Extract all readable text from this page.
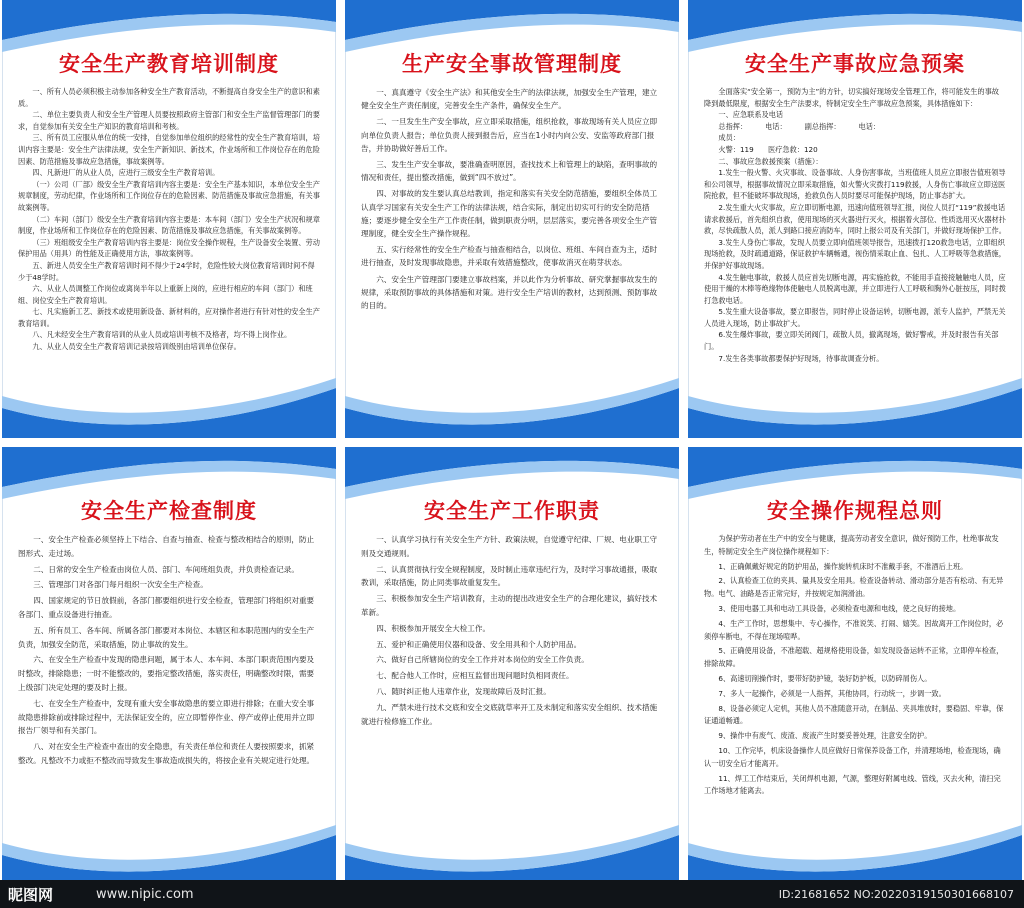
安全生产教育培训制度

一、所有人员必须积极主动参加各种安全生产教育活动，不断提高自身安全生产的意识和素质。

二、单位主要负责人和安全生产管理人员要按照政府主管部门和安全生产监督管理部门的要求，自觉参加有关安全生产知识的教育培训和考核。

三、所有员工应服从单位的统一安排，自觉参加单位组织的经常性的安全生产教育培训，培训内容主要是：安全生产法律法规，安全生产新知识、新技术，作业场所和工作岗位存在的危险因素、防范措施及事故应急措施，事故案例等。

四、凡新进厂的从业人员，应进行三级安全生产教育培训。

（一）公司（厂部）级安全生产教育培训内容主要是：安全生产基本知识，本单位安全生产规章制度，劳动纪律，作业场所和工作岗位存在的危险因素、防范措施及事故应急措施，有关事故案例等。

（二）车间（部门）级安全生产教育培训内容主要是：本车间（部门）安全生产状况和规章制度，作业场所和工作岗位存在的危险因素、防范措施及事故应急措施，有关事故案例等。

（三）班组级安全生产教育培训内容主要是：岗位安全操作规程，生产设备安全装置、劳动保护用品（用具）的性能及正确使用方法，事故案例等。

五、新进人员安全生产教育培训时间不得少于24学时，危险性较大岗位教育培训时间不得少于48学时。

六、从业人员调整工作岗位或离岗半年以上重新上岗的，应进行相应的车间（部门）和班组、岗位安全生产教育培训。

七、凡实施新工艺、新技术或使用新设备、新材料的，应对操作者进行有针对性的安全生产教育培训。

八、凡未经安全生产教育培训的从业人员或培训考核不及格者，均不得上岗作业。

九、从业人员安全生产教育培训记录按培训级别由培训单位保存。

生产安全事故管理制度

一、真真遵守《安全生产法》和其他安全生产的法律法规，加强安全生产管理，建立健全安全生产责任制度，完善安全生产条件，确保安全生产。

二、一旦发生生产安全事故，应立即采取措施，组织抢救，事故现场有关人员应立即向单位负责人报告；单位负责人接到报告后，应当在1小时内向公安、安监等政府部门报告，并协助做好善后工作。

三、发生生产安全事故，要准确查明原因，查找技术上和管理上的缺陷，查明事故的情况和责任，提出整改措施，做到“四不放过”。

四、对事故的发生要认真总结教训，指定和落实有关安全防范措施，要组织全体员工认真学习国家有关安全生产工作的法律法规，结合实际，制定出切实可行的安全防范措施；要逐步健全安全生产工作责任制，做到职责分明，层层落实，要完善各项安全生产管理制度，健全安全生产操作规程。

五、实行经常性的安全生产检查与抽查相结合，以岗位、班组、车间自查为主，适时进行抽查，及时发现事故隐患，并采取有效措施整改，使事故消灭在萌芽状态。

六、安全生产管理部门要建立事故档案，并以此作为分析事故、研究掌握事故发生的规律，采取预防事故的具体措施和对策。进行安全生产培训的教材，达到预测、预防事故的目的。

安全生产事故应急预案

全面落实“安全第一，预防为主”的方针，切实搞好现场安全管理工作，将可能发生的事故降到最低限度，根据安全生产法要求，特制定安全生产事故应急预案，具体措施如下：

一、应急联系及电话

总指挥：　　　电话：　　　副总指挥：　　　电话：

成员：

火警：119　　医疗急救：120

二、事故应急救援预案（措施）：

1.发生一般火警、火灾事故、设备事故、人身伤害事故，当班值班人员应立即报告值班领导和公司领导，根据事故情况立即采取措施，如火警火灾拨打119救援，人身伤亡事故应立即送医院抢救，但不能破坏事故现场，抢救负伤人员时要尽可能保护现场，防止事态扩大。

2.发生重大火灾事故，应立即切断电源，迅速向值班领导汇报，岗位人员打“119”救援电话请求救援后，首先组织自救，使用现场的灭火器进行灭火，根据着火部位、性质选用灭火器材扑救，尽快疏散人员，派人到路口接应消防车，同时上报公司及有关部门，并做好现场保护工作。

3.发生人身伤亡事故，发现人员要立即向值班领导报告，迅速拨打120救急电话，立即组织现场抢救，及时疏通道路，保证救护车辆畅通，视伤情采取止血、包扎、人工呼吸等急救措施，并保护好事故现场。

4.发生触电事故，救援人员应首先切断电源，再实施抢救，不能用手直接接触触电人员，应使用干燥的木棒等绝缘物体使触电人员脱离电源，并立即进行人工呼吸和胸外心脏按压，同时拨打急救电话。

5.发生重大设备事故，要立即报告，同时停止设备运转，切断电源，派专人监护，严禁无关人员进入现场，防止事故扩大。

6.发生爆炸事故，要立即关闭阀门，疏散人员，撤离现场，做好警戒，并及时报告有关部门。

7.发生各类事故都要保护好现场，待事故调查分析。

安全生产检查制度

一、安全生产检查必须坚持上下结合、自查与抽查、检查与整改相结合的原则，防止图形式、走过场。

二、日常的安全生产检查由岗位人员、部门、车间班组负责，并负责检查记录。

三、管理部门对各部门每月组织一次安全生产检查。

四、国家规定的节日放假前，各部门都要组织进行安全检查，管理部门将组织对重要各部门、重点设备进行抽查。

五、所有员工、各车间、所属各部门都要对本岗位、本辖区和本职范围内的安全生产负责，加强安全防范，采取措施，防止事故的发生。

六、在安全生产检查中发现的隐患问题，属于本人、本车间、本部门职责范围内要及时整改，排除隐患；一时不能整改的，要指定整改措施，落实责任，明确整改时限，需要上级部门决定处理的要及时上报。

七、在安全生产检查中，发现有重大安全事故隐患的要立即进行排除；在重大安全事故隐患排除前或排除过程中，无法保证安全的，应立即暂停作业、停产或停止使用并立即报告厂领导和有关部门。

八、对在安全生产检查中查出的安全隐患，有关责任单位和责任人要按照要求，抓紧整改。凡整改不力或拒不整改而导致发生事故造成损失的，将按企业有关规定进行处理。

安全生产工作职责

一、认真学习执行有关安全生产方针、政策法规，自觉遵守纪律、厂规、电业职工守则及交通规则。

二、认真贯彻执行安全规程制度，及时制止违章违纪行为，及时学习事故通报，吸取教训，采取措施，防止同类事故重复发生。

三、积极参加安全生产培训教育，主动的提出改进安全生产的合理化建议，搞好技术革新。

四、积极参加开展安全大检工作。

五、爱护和正确使用仪器和设备、安全用具和个人防护用品。

六、做好自己所辖岗位的安全工作并对本岗位的安全工作负责。

七、配合他人工作时，应相互监督出现问题时负相同责任。

八、随时纠正他人违章作业，发现故障后及时汇报。

九、严禁未进行技术交底和安全交底就草率开工及未制定和落实安全组织、技术措施就进行检修施工作业。

安全操作规程总则

为保护劳动者在生产中的安全与健康，提高劳动者安全意识，做好预防工作，杜绝事故发生，特制定安全生产岗位操作规程如下：

1、正确佩戴好规定的防护用品，操作旋转机床时不准戴手套，不准酒后上班。

2、认真检查工位的夹具、量具及安全用具。检查设备转动、滑动部分是否有松动、有无异物。电气、油路是否正常完好，并按规定加润滑油。

3、使用电器工具和电动工具设备，必须检查电源和电线，使之良好的接地。

4、生产工作时，思想集中、专心操作，不准说笑、打闹、嬉笑。因故离开工作岗位时，必须停车断电，不得在现场喧哗。

5、正确使用设备，不准超载、超规格使用设备，如发现设备运转不正常，立即停车检查，排除故障。

6、高速切削操作时，要带好防护镜，装好防护板，以防碎屑伤人。

7、多人一起操作，必须是一人指挥，其他协同，行动统一，步调一致。

8、设备必须定人定机，其他人员不准随意开动，在制品、夹具堆放时，要稳固、牢靠，保证通道畅通。

9、操作中有废气、废渣、废液产生时要妥善处理，注意安全防护。

10、工作完毕，机床设备操作人员应做好日常保养设备工作，并清理场地，检查现场，确认一切安全后才能离开。

11、焊工工作结束后，关闭焊机电源，气源，整理好附属电线、管线，灭去火种，清扫完工作场地才能离去。

昵图网	www.nipic.com	ID:21681652 NO:20220319150301668107
